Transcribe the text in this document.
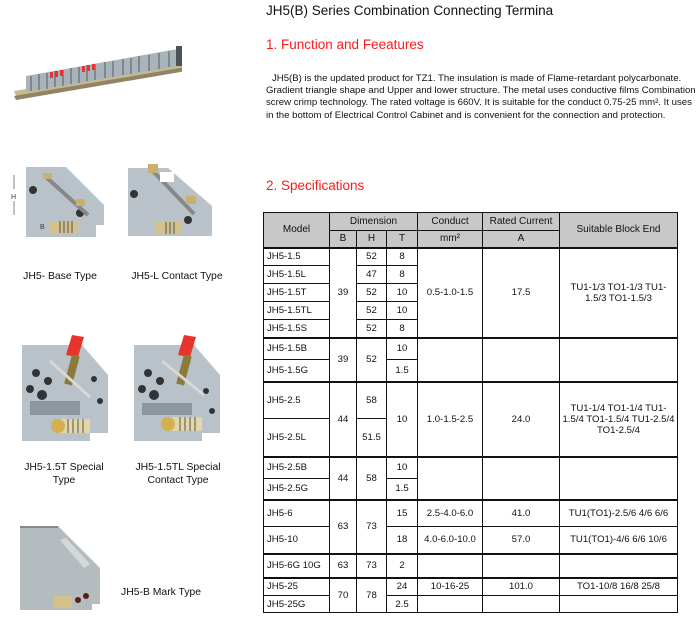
JH5(B) Series Combination Connecting Termina
1. Function and Feeatures

JH5(B) is the updated product for TZ1. The insulation is made of Flame-retardant polycarbonate. Gradient triangle shape and Upper and lower structure. The metal uses conductive films Combination screw crimp technology. The rated voltage is 660V. It is suitable for the conduct 0.75-25 mm². It uses in the bottom of Electrical Control Cabinet and is convenient for the connection and protection.

2. Specifications
H
B
JH5- Base Type	JH5-L Contact Type
JH5-1.5T Special
Type
JH5-1.5TL Special
Contact Type
JH5-B Mark Type
Model	Dimension			Conduct	Rated Current	Suitable Block End
	B	H	T	mm²	A	
JH5-1.5	39	52	8	0.5-1.0-1.5	17.5	TU1-1/3 TO1-1/3 TU1-1.5/3 TO1-1.5/3
JH5-1.5L		47	8			
JH5-1.5T		52	10			
JH5-1.5TL		52	10			
JH5-1.5S		52	8			
JH5-1.5B	39	52	10			
JH5-1.5G			1.5			
JH5-2.5	44	58	10	1.0-1.5-2.5	24.0	TU1-1/4 TO1-1/4 TU1-1.5/4 TO1-1.5/4 TU1-2.5/4 TO1-2.5/4
JH5-2.5L		51.5				
JH5-2.5B	44	58	10			
JH5-2.5G			1.5			
JH5-6	63	73	15	2.5-4.0-6.0	41.0	TU1(TO1)-2.5/6 4/6 6/6
JH5-10			18	4.0-6.0-10.0	57.0	TU1(TO1)-4/6 6/6 10/6
JH5-6G 10G	63	73	2			
JH5-25	70	78	24	10-16-25	101.0	TO1-10/8 16/8 25/8
JH5-25G			2.5			
